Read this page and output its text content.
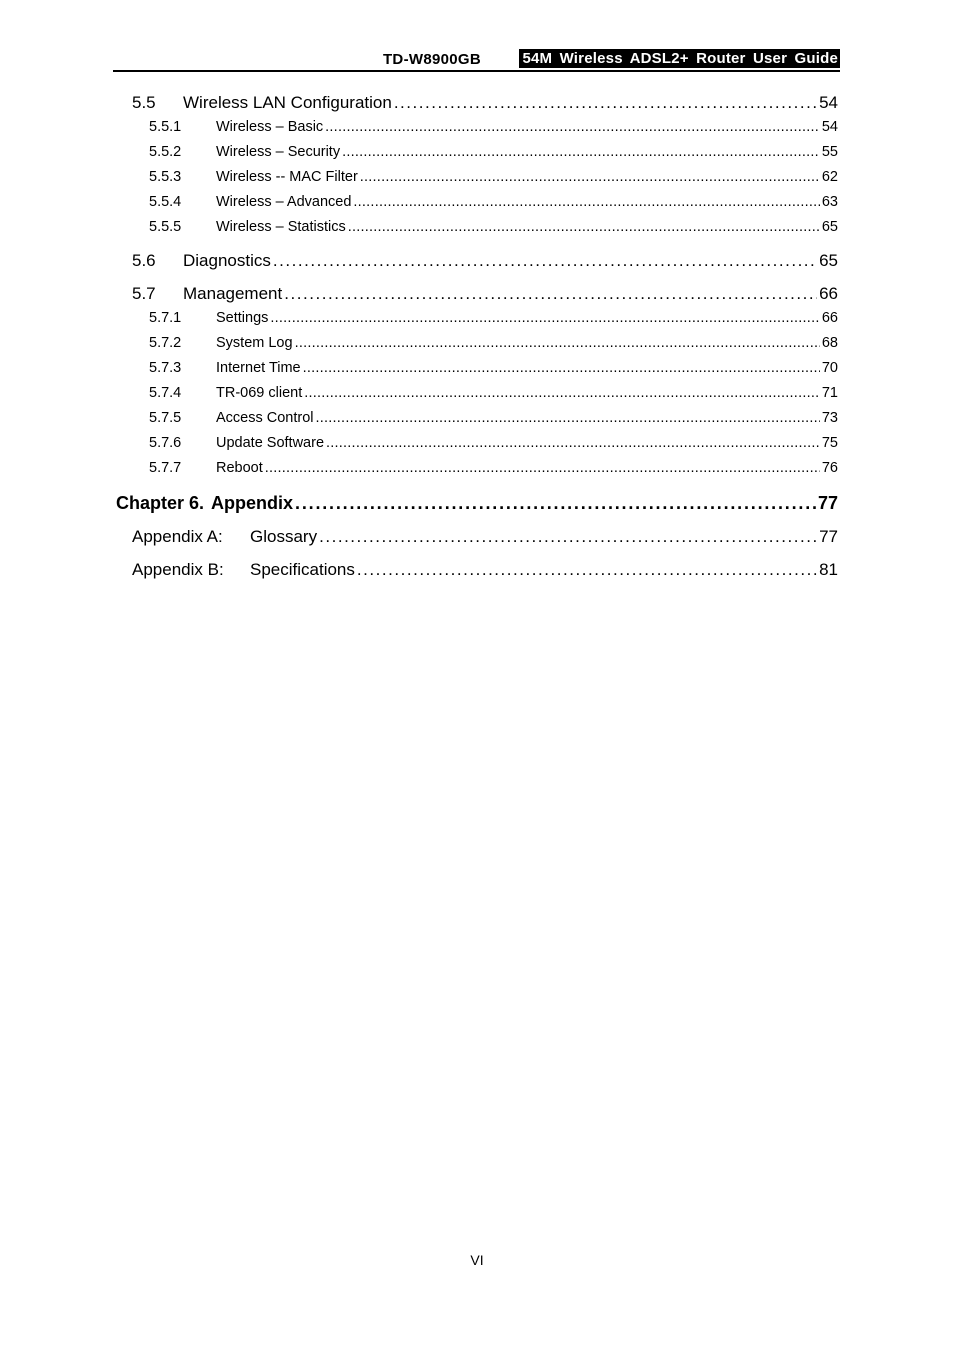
TD-W8900GB	54M Wireless ADSL2+ Router User Guide
5.5	Wireless LAN Configuration . . .	54
5.5.1	Wireless – Basic . . .	54
5.5.2	Wireless – Security . . .	55
5.5.3	Wireless -- MAC Filter . . .	62
5.5.4	Wireless – Advanced . . .	63
5.5.5	Wireless – Statistics . . .	65
5.6	Diagnostics . . .	65
5.7	Management . . .	66
5.7.1	Settings . . .	66
5.7.2	System Log . . .	68
5.7.3	Internet Time . . .	70
5.7.4	TR-069 client . . .	71
5.7.5	Access Control . . .	73
5.7.6	Update Software . . .	75
5.7.7	Reboot . . .	76
Chapter 6. Appendix . . .	77
Appendix A:	Glossary . . .	77
Appendix B:	Specifications . . .	81
VI
